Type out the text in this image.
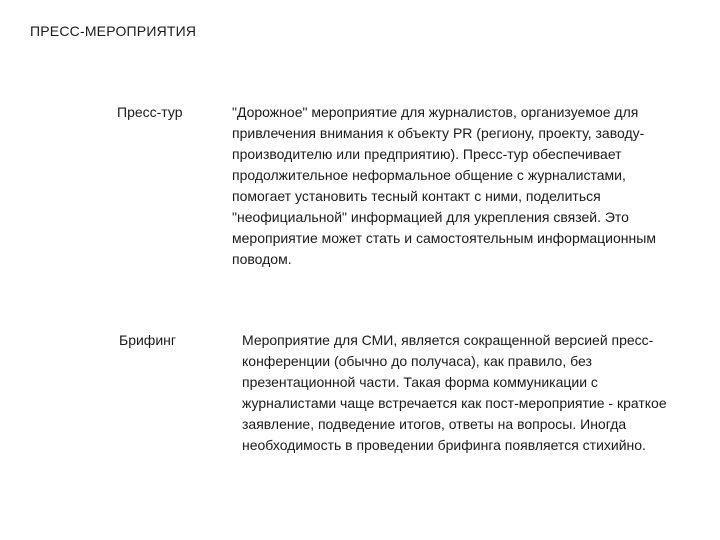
ПРЕСС-МЕРОПРИЯТИЯ
Пресс-тур	"Дорожное" мероприятие для журналистов, организуемое для привлечения внимания к объекту PR (региону, проекту, заводу-производителю или предприятию). Пресс-тур обеспечивает продолжительное неформальное общение с журналистами, помогает установить тесный контакт с ними, поделиться "неофициальной" информацией для укрепления связей. Это мероприятие может стать и самостоятельным информационным поводом.
Брифинг	Мероприятие для СМИ, является сокращенной версией пресс-конференции (обычно до получаса), как правило, без презентационной части. Такая форма коммуникации с журналистами чаще встречается как пост-мероприятие - краткое заявление, подведение итогов, ответы на вопросы. Иногда необходимость в проведении брифинга появляется стихийно.
